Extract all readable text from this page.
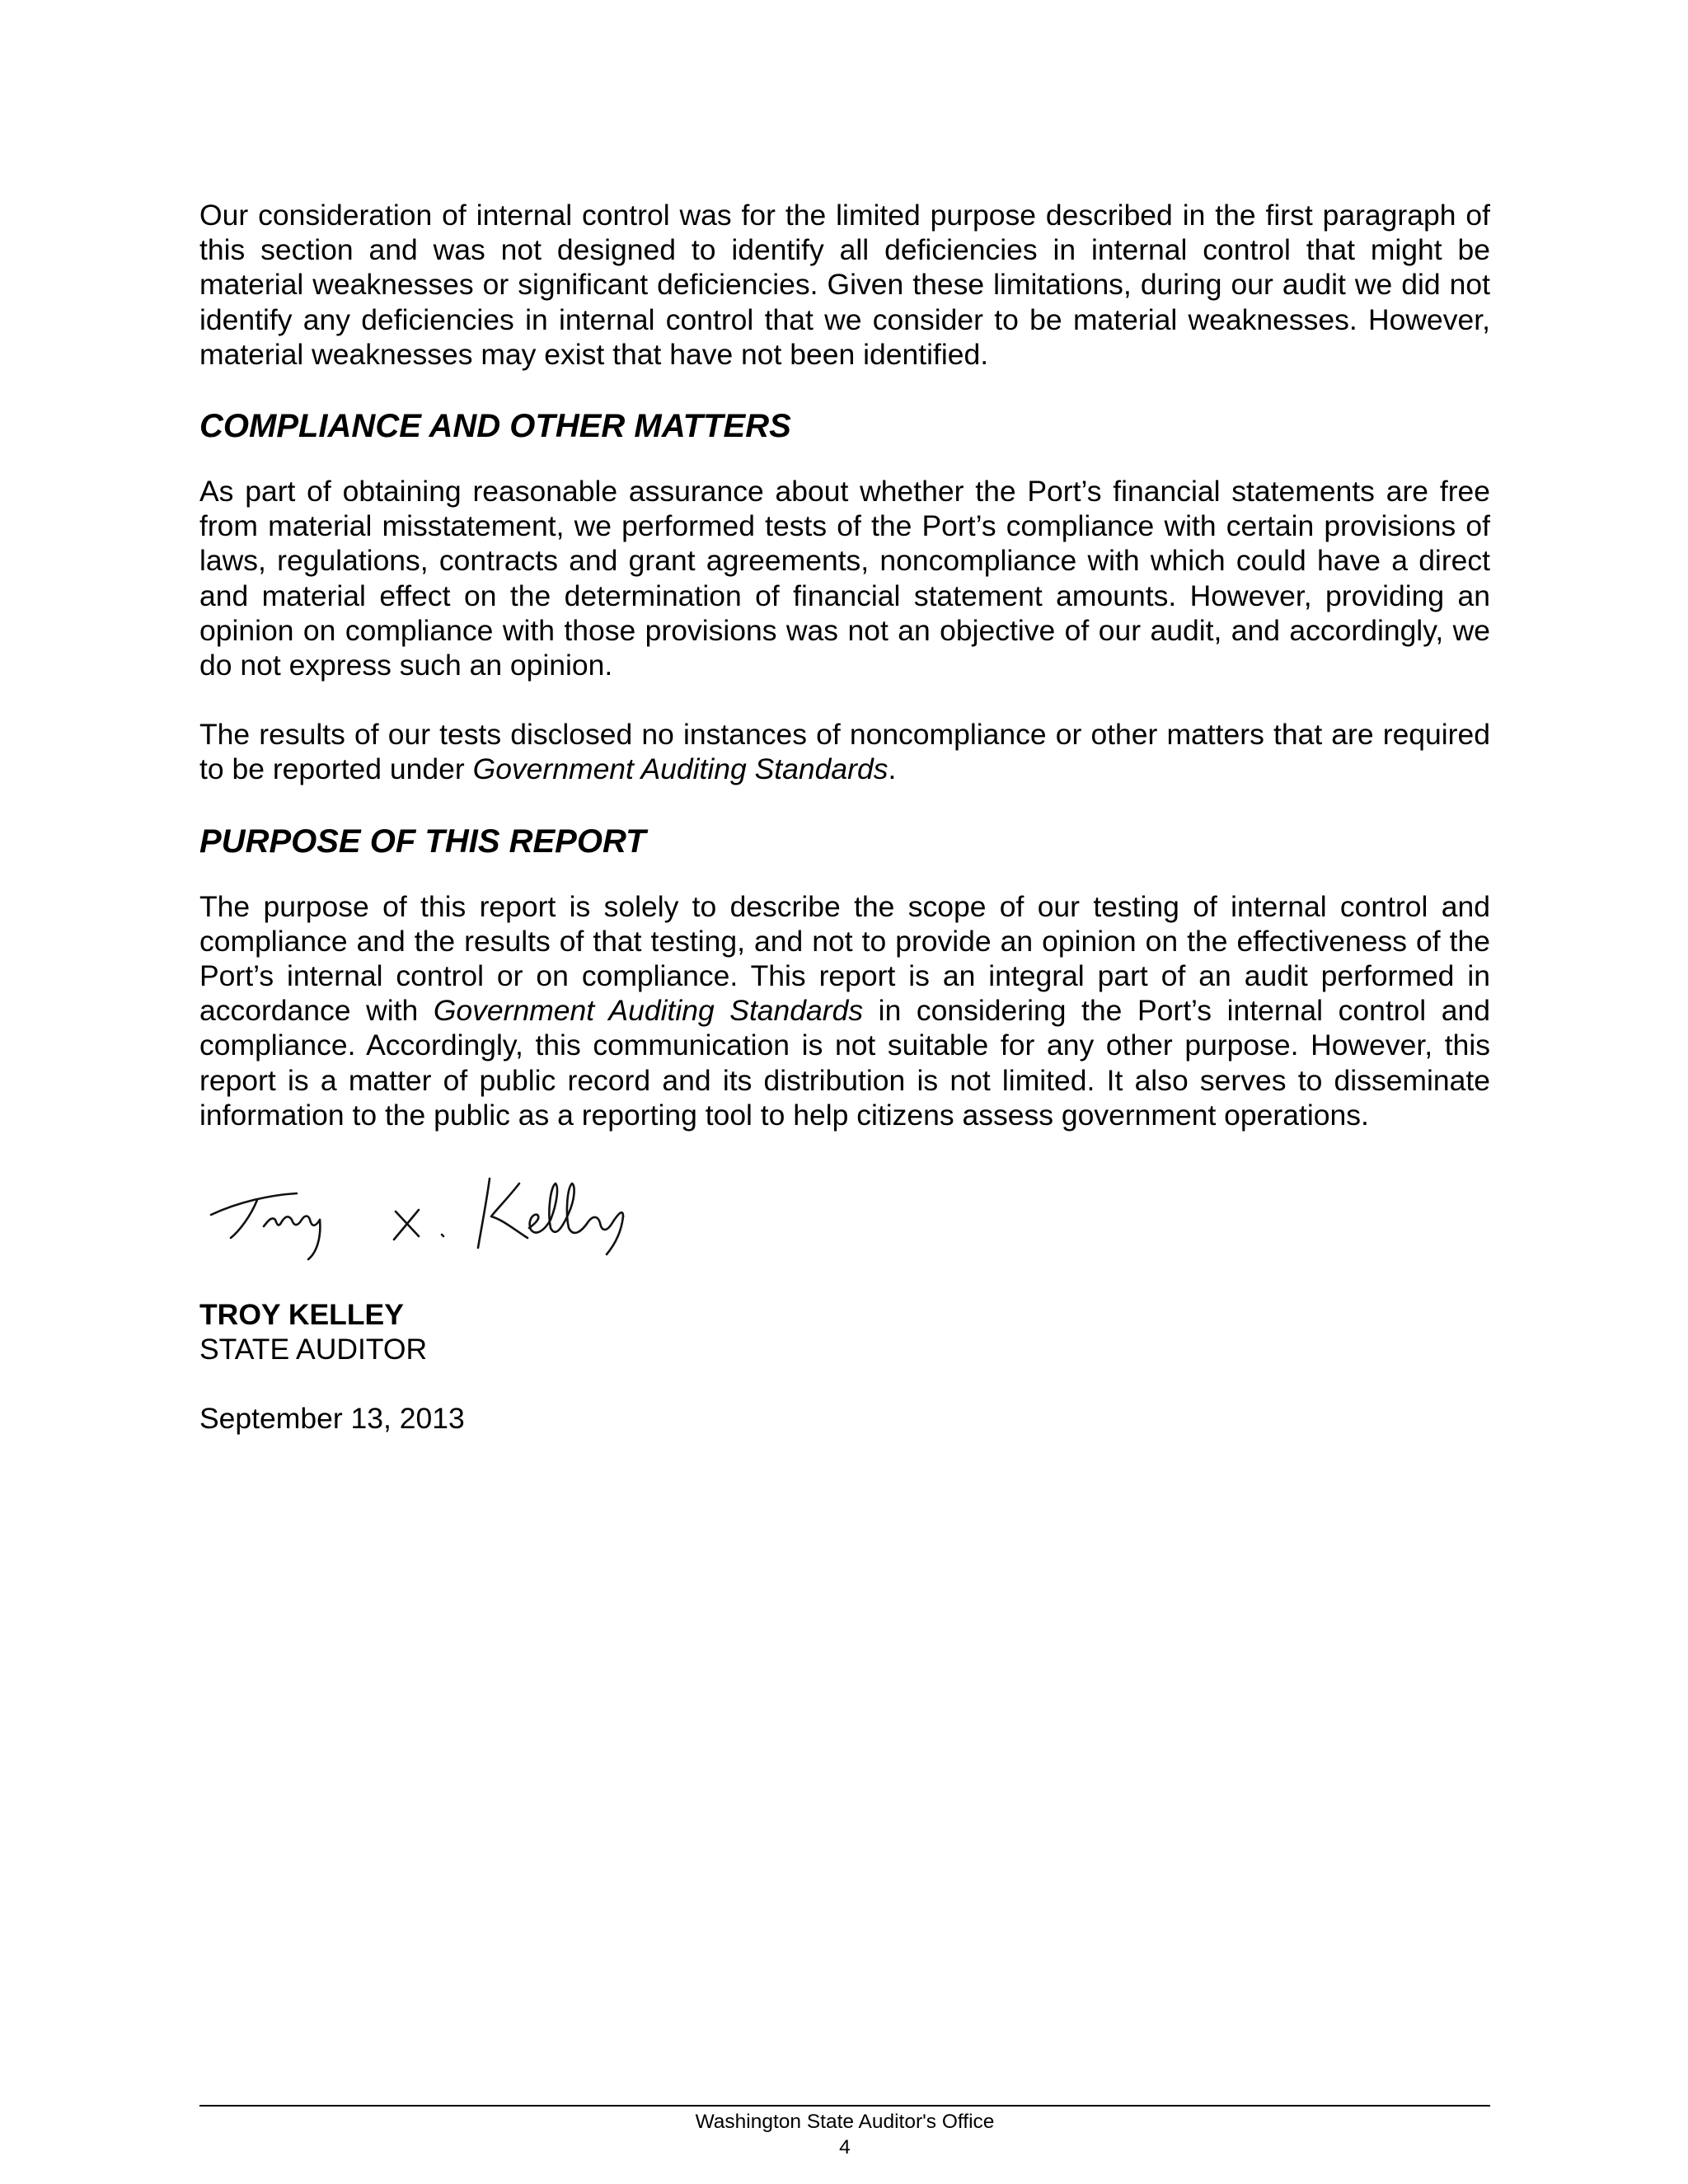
Our consideration of internal control was for the limited purpose described in the first paragraph of this section and was not designed to identify all deficiencies in internal control that might be material weaknesses or significant deficiencies. Given these limitations, during our audit we did not identify any deficiencies in internal control that we consider to be material weaknesses. However, material weaknesses may exist that have not been identified.

COMPLIANCE AND OTHER MATTERS

As part of obtaining reasonable assurance about whether the Port’s financial statements are free from material misstatement, we performed tests of the Port’s compliance with certain provisions of laws, regulations, contracts and grant agreements, noncompliance with which could have a direct and material effect on the determination of financial statement amounts. However, providing an opinion on compliance with those provisions was not an objective of our audit, and accordingly, we do not express such an opinion.

The results of our tests disclosed no instances of noncompliance or other matters that are required to be reported under Government Auditing Standards.

PURPOSE OF THIS REPORT

The purpose of this report is solely to describe the scope of our testing of internal control and compliance and the results of that testing, and not to provide an opinion on the effectiveness of the Port’s internal control or on compliance. This report is an integral part of an audit performed in accordance with Government Auditing Standards in considering the Port’s internal control and compliance. Accordingly, this communication is not suitable for any other purpose. However, this report is a matter of public record and its distribution is not limited. It also serves to disseminate information to the public as a reporting tool to help citizens assess government operations.

TROY KELLEY

STATE AUDITOR

September 13, 2013

Washington State Auditor's Office
4
